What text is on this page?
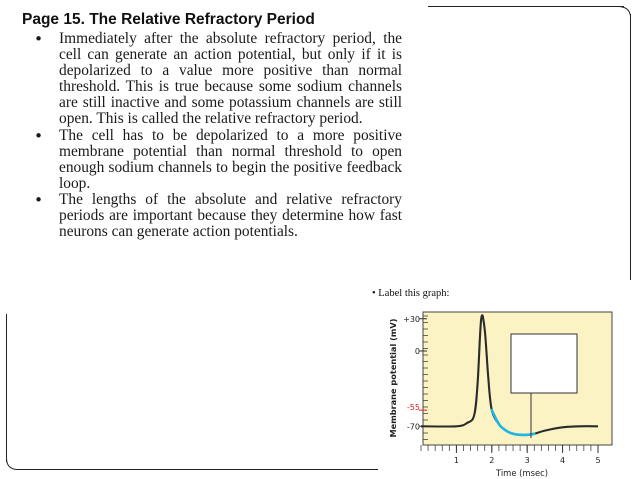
Page 15. The Relative Refractory Period
• Immediately after the absolute refractory period, the cell can generate an action potential, but only if it is depolarized to a value more positive than normal threshold. This is true because some sodium channels are still inactive and some potassium channels are still open. This is called the relative refractory period.
• The cell has to be depolarized to a more positive membrane potential than normal threshold to open enough sodium channels to begin the positive feedback loop.
• The lengths of the absolute and relative refractory periods are important because they determine how fast neurons can generate action potentials.
• Label this graph:
Membrane potential (mV)
Time (msec)
+30
0
-55
-70
1	2	3	4	5
